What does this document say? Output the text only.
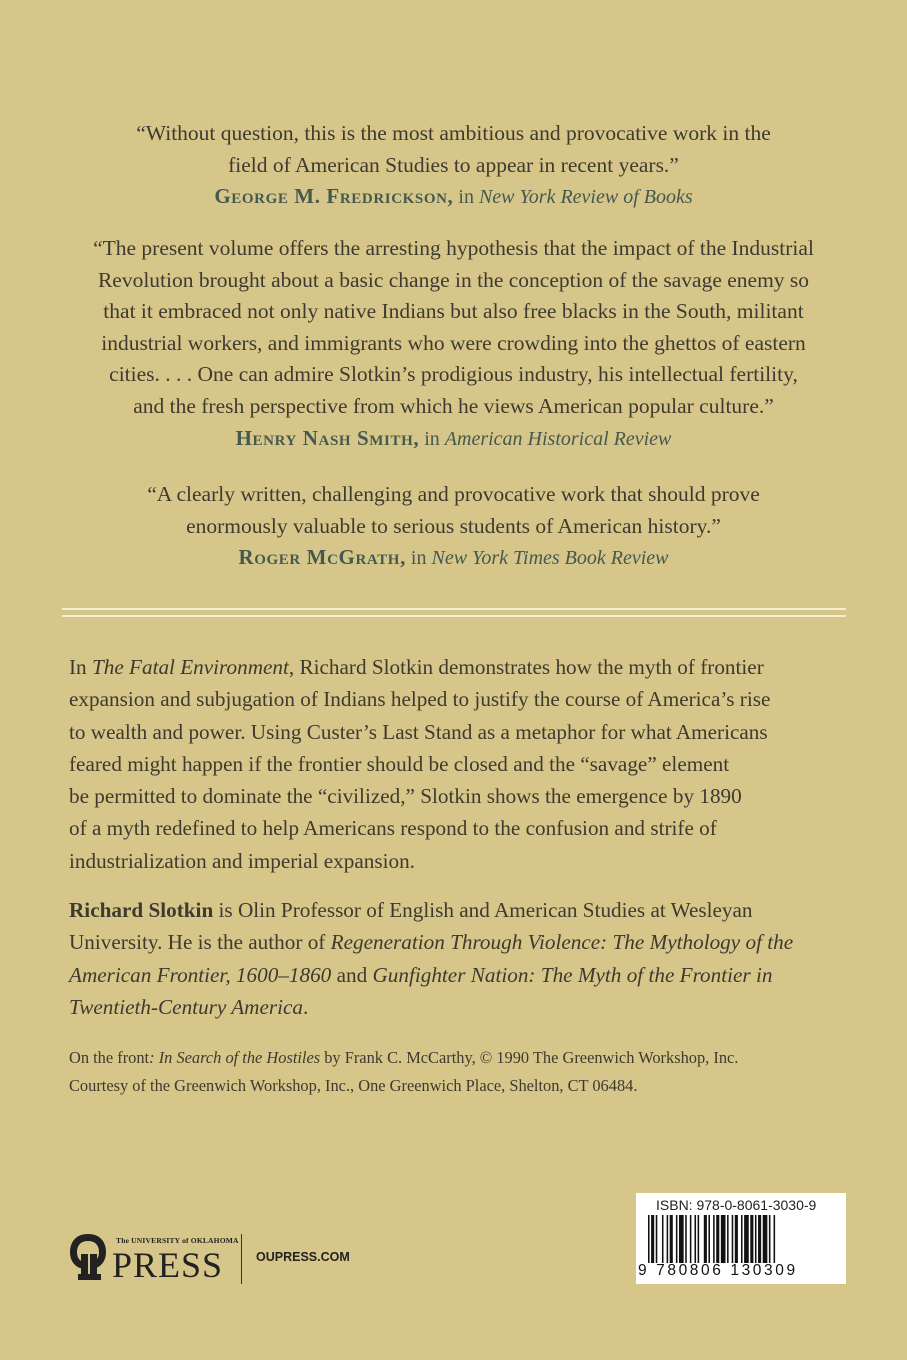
“Without question, this is the most ambitious and provocative work in the

field of American Studies to appear in recent years.”

George M. Fredrickson, in New York Review of Books

“The present volume offers the arresting hypothesis that the impact of the Industrial

Revolution brought about a basic change in the conception of the savage enemy so

that it embraced not only native Indians but also free blacks in the South, militant

industrial workers, and immigrants who were crowding into the ghettos of eastern

cities. . . . One can admire Slotkin’s prodigious industry, his intellectual fertility,

and the fresh perspective from which he views American popular culture.”

Henry Nash Smith, in American Historical Review

“A clearly written, challenging and provocative work that should prove

enormously valuable to serious students of American history.”

Roger McGrath, in New York Times Book Review

In The Fatal Environment, Richard Slotkin demonstrates how the myth of frontier

expansion and subjugation of Indians helped to justify the course of America’s rise

to wealth and power. Using Custer’s Last Stand as a metaphor for what Americans

feared might happen if the frontier should be closed and the “savage” element

be permitted to dominate the “civilized,” Slotkin shows the emergence by 1890

of a myth redefined to help Americans respond to the confusion and strife of

industrialization and imperial expansion.

Richard Slotkin is Olin Professor of English and American Studies at Wesleyan

University. He is the author of Regeneration Through Violence: The Mythology of the

American Frontier, 1600–1860 and Gunfighter Nation: The Myth of the Frontier in

Twentieth-Century America.

On the front: In Search of the Hostiles by Frank C. McCarthy, © 1990 The Greenwich Workshop, Inc.

Courtesy of the Greenwich Workshop, Inc., One Greenwich Place, Shelton, CT 06484.

The UNIVERSITY of OKLAHOMA
PRESS	OUPRESS.COM
ISBN: 978-0-8061-3030-9
9 780806 130309
